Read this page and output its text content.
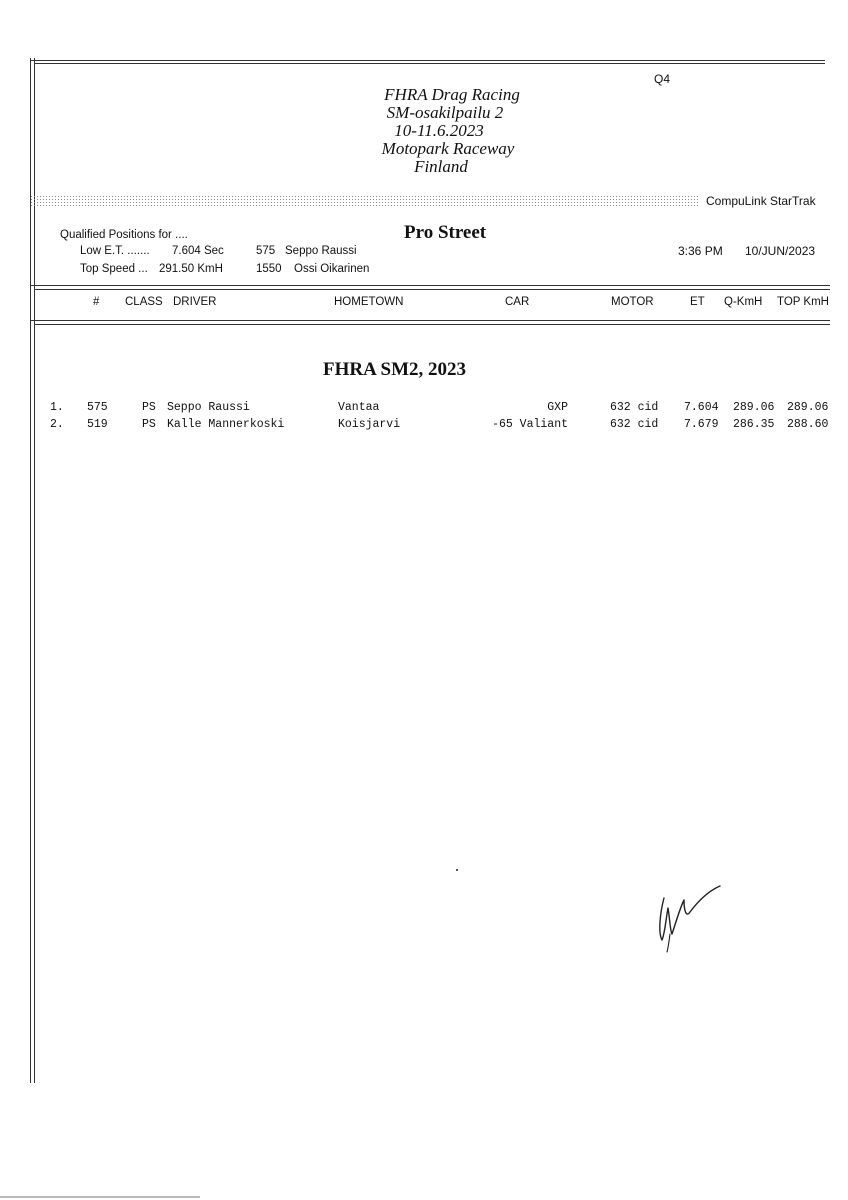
Q4
FHRA Drag Racing
SM-osakilpailu 2
10-11.6.2023
Motopark Raceway
Finland
CompuLink StarTrak
Qualified Positions for ....
Low E.T. ....... 7.604 Sec	575 Seppo Raussi
Top Speed ... 291.50 KmH	1550 Ossi Oikarinen
Pro Street
3:36 PM 10/JUN/2023
# CLASS DRIVER	HOMETOWN	CAR	MOTOR	ET Q-KmH TOP KmH
FHRA SM2, 2023
1. 575	PS Seppo Raussi	Vantaa	GXP	632 cid 7.604 289.06 289.06
2. 519	PS Kalle Mannerkoski	Koisjarvi	-65 Valiant	632 cid 7.679 286.35 288.60
